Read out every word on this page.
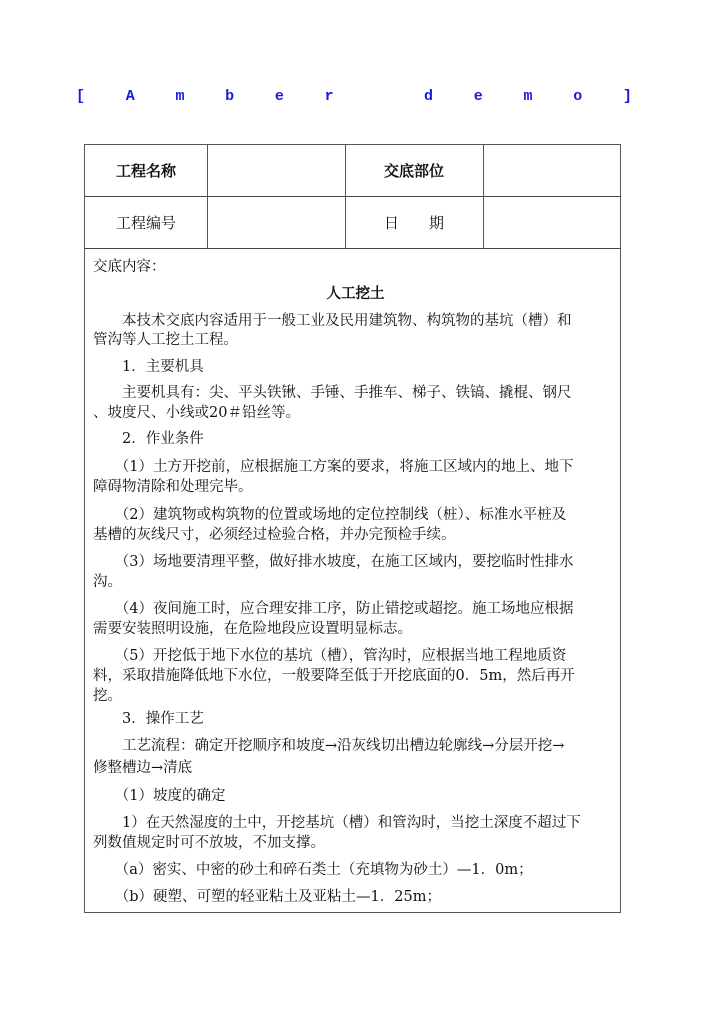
[	A	m	b	e	r
	d	e	m	o	]
工程名称	交底部位
工程编号	日　　期
交底内容：
人工挖土
　　本技术交底内容适用于一般工业及民用建筑物、构筑物的基坑（槽）和
管沟等人工挖土工程。
　　1．主要机具
　　主要机具有：尖、平头铁锹、手锤、手推车、梯子、铁镐、撬棍、钢尺
、坡度尺、小线或20＃铅丝等。
　　2．作业条件
　　（1）土方开挖前，应根据施工方案的要求，将施工区域内的地上、地下
障碍物清除和处理完毕。
　　（2）建筑物或构筑物的位置或场地的定位控制线（桩）、标准水平桩及
基槽的灰线尺寸，必须经过检验合格，并办完预检手续。
　　（3）场地要清理平整，做好排水坡度，在施工区域内，要挖临时性排水
沟。
　　（4）夜间施工时，应合理安排工序，防止错挖或超挖。施工场地应根据
需要安装照明设施，在危险地段应设置明显标志。
　　（5）开挖低于地下水位的基坑（槽），管沟时，应根据当地工程地质资
料，采取措施降低地下水位，一般要降至低于开挖底面的0．5m，然后再开
挖。
　　3．操作工艺
　　工艺流程：确定开挖顺序和坡度→沿灰线切出槽边轮廓线→分层开挖→
修整槽边→清底
　　（1）坡度的确定
　　1）在天然湿度的土中，开挖基坑（槽）和管沟时，当挖土深度不超过下
列数值规定时可不放坡，不加支撑。
　　（a）密实、中密的砂土和碎石类土（充填物为砂土）—1．0m；
　　（b）硬塑、可塑的轻亚粘土及亚粘土—1．25m；
